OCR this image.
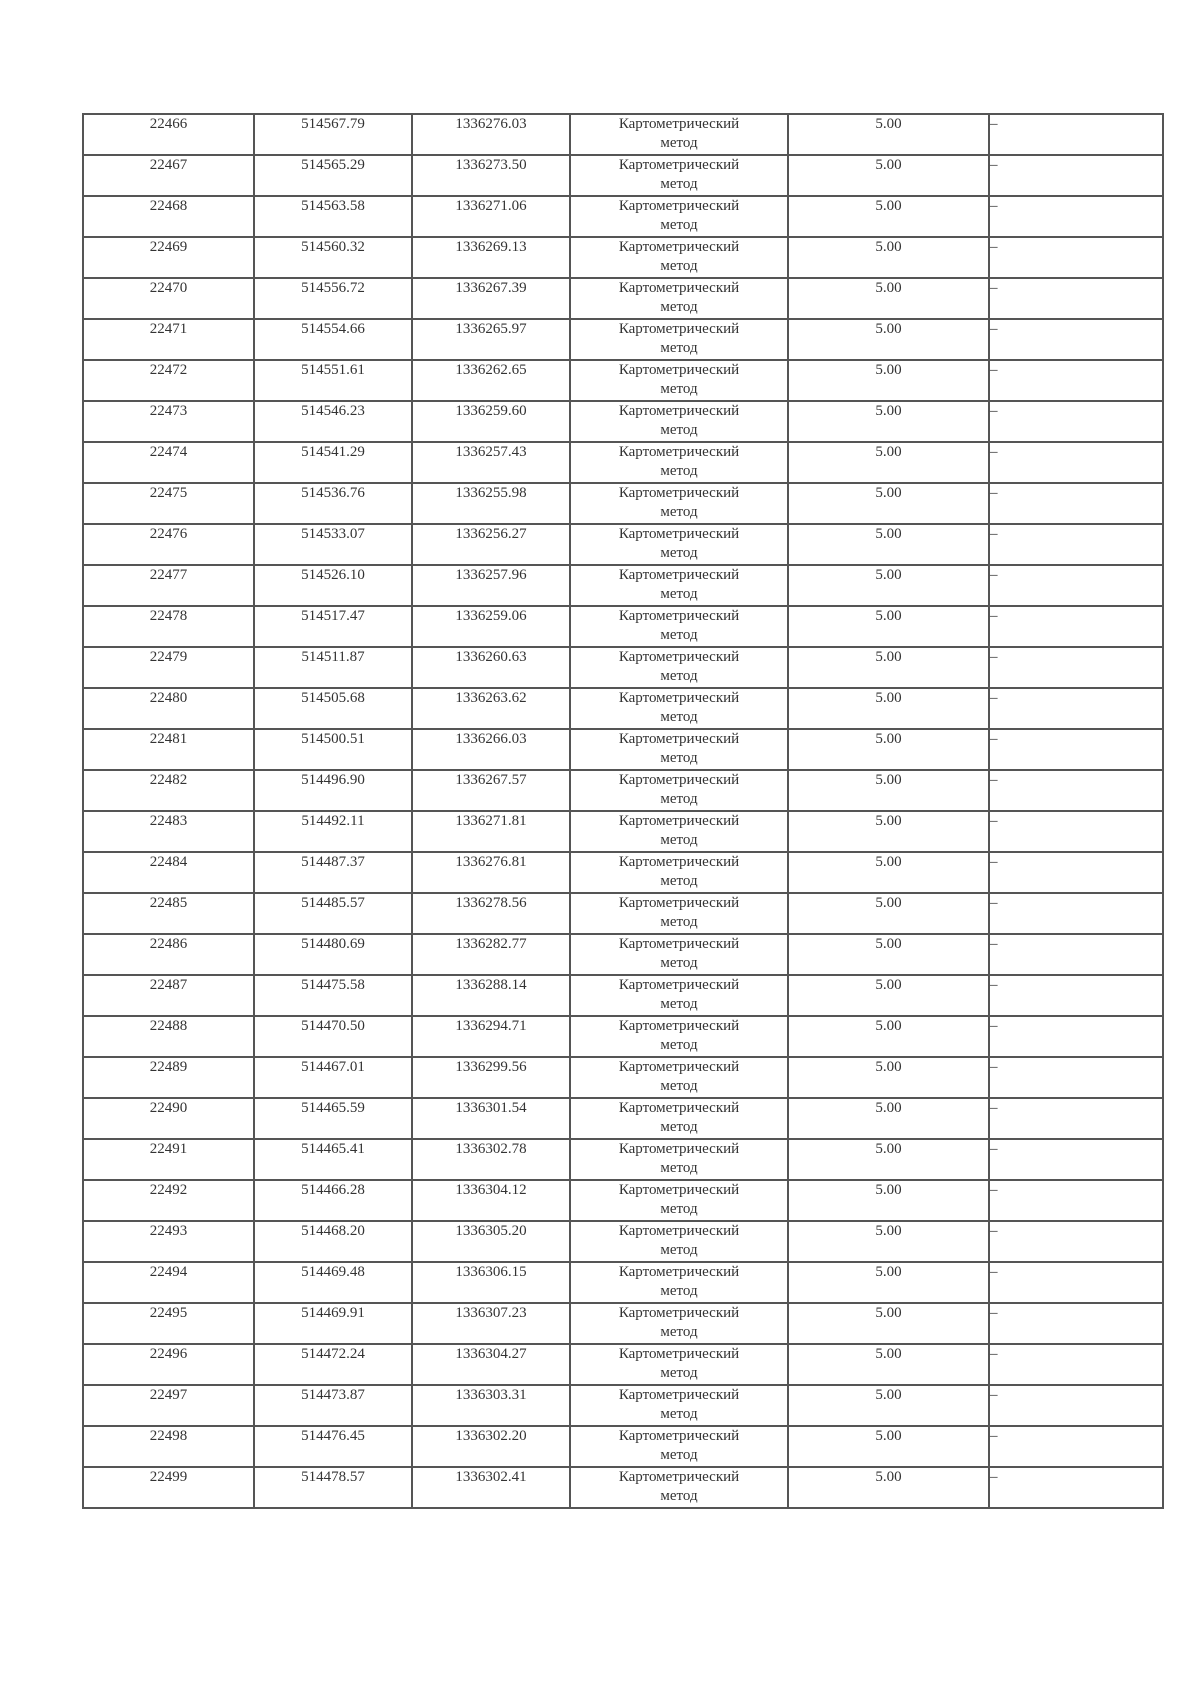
22466	514567.79	1336276.03	Картометрический
метод	5.00	–
22467	514565.29	1336273.50	Картометрический
метод	5.00	–
22468	514563.58	1336271.06	Картометрический
метод	5.00	–
22469	514560.32	1336269.13	Картометрический
метод	5.00	–
22470	514556.72	1336267.39	Картометрический
метод	5.00	–
22471	514554.66	1336265.97	Картометрический
метод	5.00	–
22472	514551.61	1336262.65	Картометрический
метод	5.00	–
22473	514546.23	1336259.60	Картометрический
метод	5.00	–
22474	514541.29	1336257.43	Картометрический
метод	5.00	–
22475	514536.76	1336255.98	Картометрический
метод	5.00	–
22476	514533.07	1336256.27	Картометрический
метод	5.00	–
22477	514526.10	1336257.96	Картометрический
метод	5.00	–
22478	514517.47	1336259.06	Картометрический
метод	5.00	–
22479	514511.87	1336260.63	Картометрический
метод	5.00	–
22480	514505.68	1336263.62	Картометрический
метод	5.00	–
22481	514500.51	1336266.03	Картометрический
метод	5.00	–
22482	514496.90	1336267.57	Картометрический
метод	5.00	–
22483	514492.11	1336271.81	Картометрический
метод	5.00	–
22484	514487.37	1336276.81	Картометрический
метод	5.00	–
22485	514485.57	1336278.56	Картометрический
метод	5.00	–
22486	514480.69	1336282.77	Картометрический
метод	5.00	–
22487	514475.58	1336288.14	Картометрический
метод	5.00	–
22488	514470.50	1336294.71	Картометрический
метод	5.00	–
22489	514467.01	1336299.56	Картометрический
метод	5.00	–
22490	514465.59	1336301.54	Картометрический
метод	5.00	–
22491	514465.41	1336302.78	Картометрический
метод	5.00	–
22492	514466.28	1336304.12	Картометрический
метод	5.00	–
22493	514468.20	1336305.20	Картометрический
метод	5.00	–
22494	514469.48	1336306.15	Картометрический
метод	5.00	–
22495	514469.91	1336307.23	Картометрический
метод	5.00	–
22496	514472.24	1336304.27	Картометрический
метод	5.00	–
22497	514473.87	1336303.31	Картометрический
метод	5.00	–
22498	514476.45	1336302.20	Картометрический
метод	5.00	–
22499	514478.57	1336302.41	Картометрический
метод	5.00	–
